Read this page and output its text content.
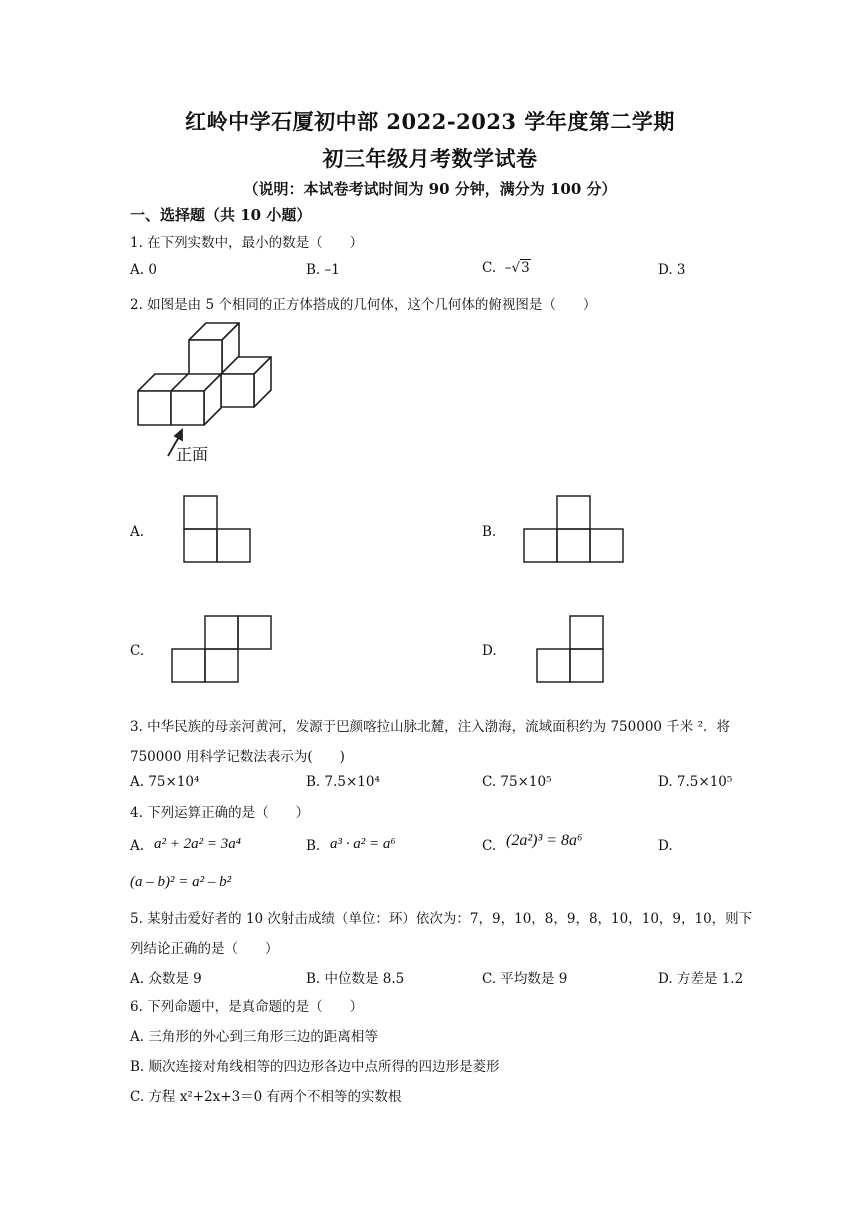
红岭中学石厦初中部 2022-2023 学年度第二学期
初三年级月考数学试卷
（说明：本试卷考试时间为 90 分钟，满分为 100 分）
一、选择题（共 10 小题）
1. 在下列实数中，最小的数是（　　）
A. 0	B. –1	C. –√3	D. 3
2. 如图是由 5 个相同的正方体搭成的几何体，这个几何体的俯视图是（　　）
正面
A.	B.
C.	D.
3. 中华民族的母亲河黄河，发源于巴颜喀拉山脉北麓，注入渤海，流域面积约为 750000 千米 ²．将
750000 用科学记数法表示为(　　)
A. 75×10⁴	B. 7.5×10⁴	C. 75×10⁵	D. 7.5×10⁵
4. 下列运算正确的是（　　）
A. a² + 2a² = 3a⁴	B. a³ · a² = a⁶	C. (2a²)³ = 8a⁶	D.
(a – b)² = a² – b²
5. 某射击爱好者的 10 次射击成绩（单位：环）依次为：7，9，10，8，9，8，10，10，9，10，则下
列结论正确的是（　　）
A. 众数是 9	B. 中位数是 8.5	C. 平均数是 9	D. 方差是 1.2
6. 下列命题中，是真命题的是（　　）
A. 三角形的外心到三角形三边的距离相等
B. 顺次连接对角线相等的四边形各边中点所得的四边形是菱形
C. 方程 x²+2x+3＝0 有两个不相等的实数根
